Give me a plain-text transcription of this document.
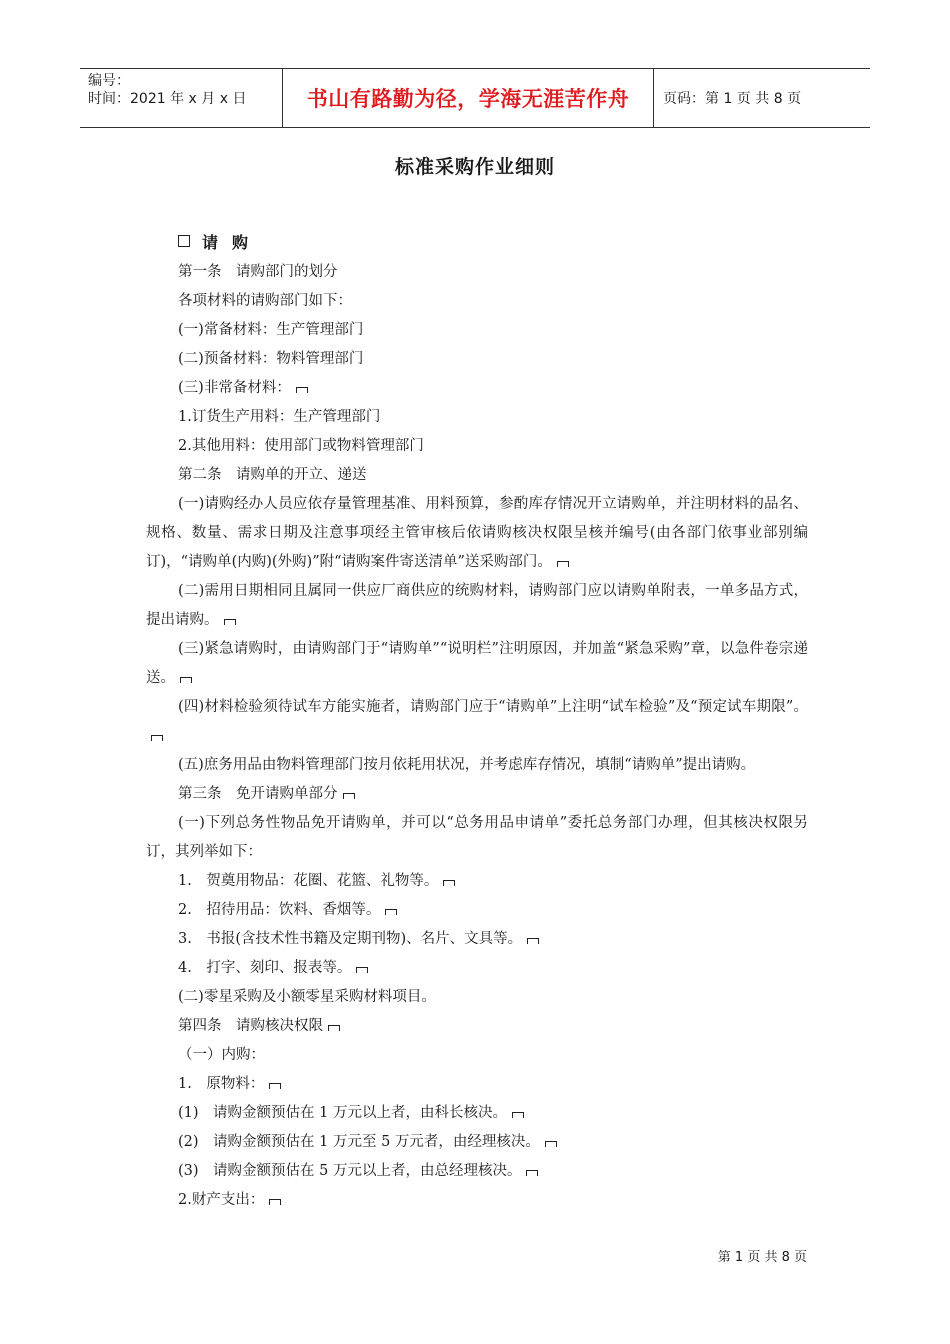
编号：
时间：2021 年 x 月 x 日	书山有路勤为径，学海无涯苦作舟 页码：第 1 页 共 8 页
标准采购作业细则
请购

第一条　请购部门的划分

各项材料的请购部门如下：

(一)常备材料：生产管理部门

(二)预备材料：物料管理部门

(三)非常备材料：

1.订货生产用料：生产管理部门

2.其他用料：使用部门或物料管理部门

第二条　请购单的开立、递送

(一)请购经办人员应依存量管理基准、用料预算，参酌库存情况开立请购单，并注明材料的品名、规格、数量、需求日期及注意事项经主管审核后依请购核决权限呈核并编号(由各部门依事业部别编订)，“请购单(内购)(外购)”附“请购案件寄送清单”送采购部门。

(二)需用日期相同且属同一供应厂商供应的统购材料，请购部门应以请购单附表，一单多品方式，提出请购。

(三)紧急请购时，由请购部门于“请购单”“说明栏”注明原因，并加盖“紧急采购”章，以急件卷宗递送。

(四)材料检验须待试车方能实施者，请购部门应于“请购单”上注明“试车检验”及“预定试车期限”。

(五)庶务用品由物料管理部门按月依耗用状况，并考虑库存情况，填制“请购单”提出请购。

第三条　免开请购单部分

(一)下列总务性物品免开请购单，并可以“总务用品申请单”委托总务部门办理，但其核决权限另订，其列举如下：

1.　贺奠用物品：花圈、花篮、礼物等。

2.　招待用品：饮料、香烟等。

3.　书报(含技术性书籍及定期刊物)、名片、文具等。

4.　打字、刻印、报表等。

(二)零星采购及小额零星采购材料项目。

第四条　请购核决权限

（一）内购：

1.　原物料：

(1)　请购金额预估在 1 万元以上者，由科长核决。

(2)　请购金额预估在 1 万元至 5 万元者，由经理核决。

(3)　请购金额预估在 5 万元以上者，由总经理核决。

2.财产支出：

第 1 页 共 8 页
